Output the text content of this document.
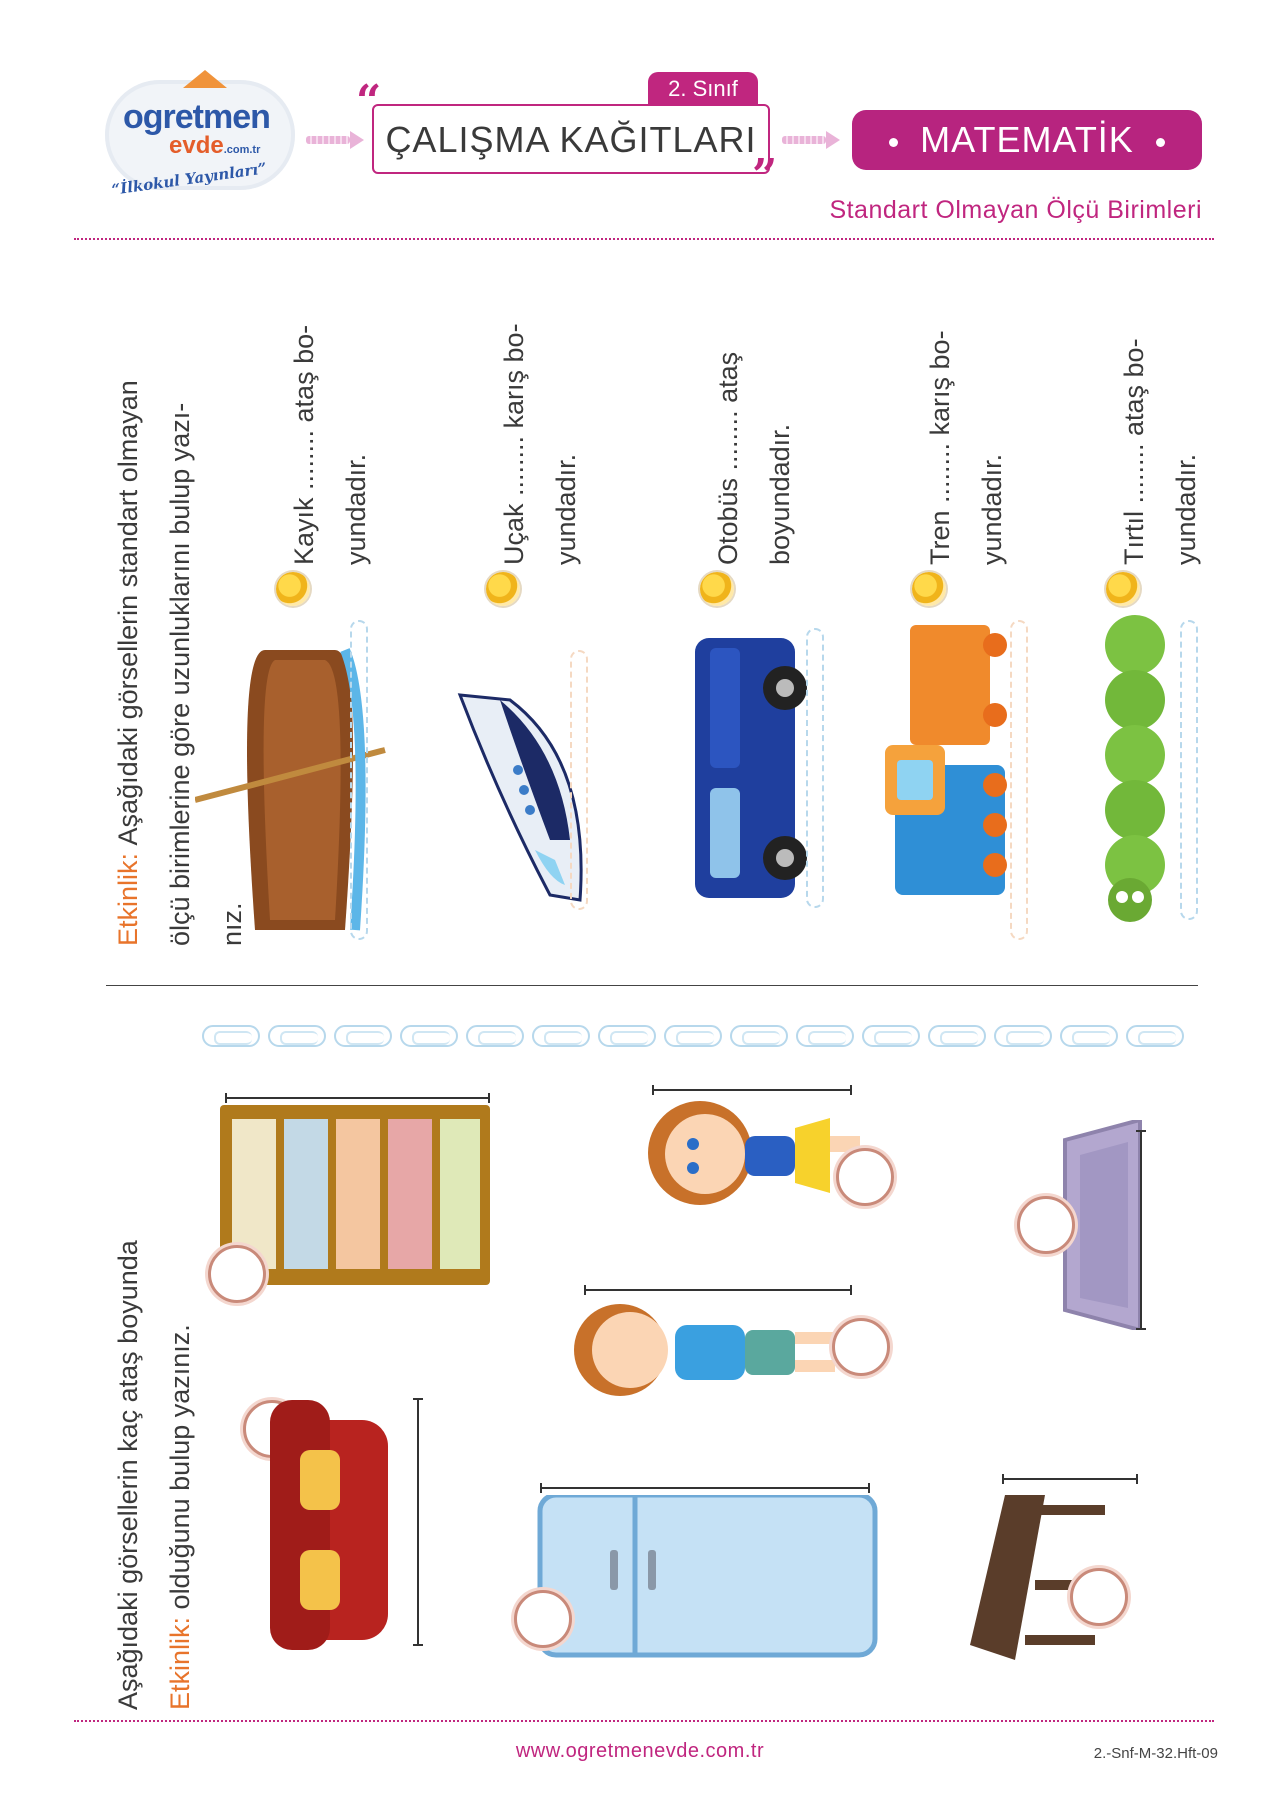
ogretmen
evde.com.tr
“İlkokul Yayınları”
“	2. Sınıf
ÇALIŞMA KAĞITLARI
”
MATEMATİK
Standart Olmayan Ölçü Birimleri
Etkinlik: Aşağıdaki görsellerin standart olmayan ölçü birimlerine göre uzunluklarını bulup yazı- nız.
Kayık ........ ataş bo- yundadır.	Uçak ........ karış bo- yundadır.	Otobüs ........ ataş boyundadır.	Tren ........ karış bo- yundadır.	Tırtıl ........ ataş bo- yundadır.
Aşağıdaki görsellerin kaç ataş boyunda Etkinlik: olduğunu bulup yazınız.
www.ogretmenevde.com.tr	2.-Snf-M-32.Hft-09
